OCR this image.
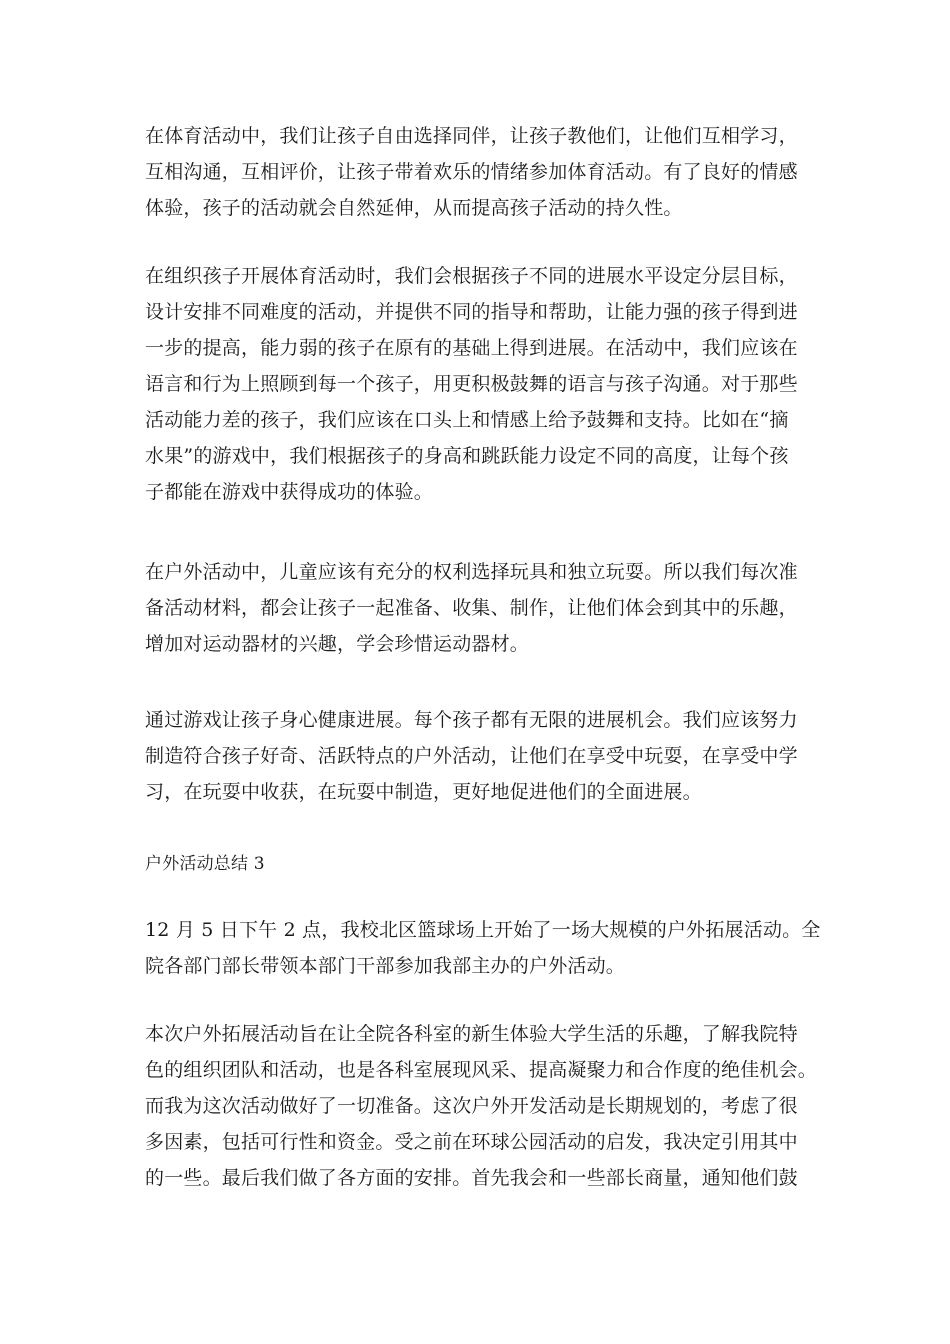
在体育活动中，我们让孩子自由选择同伴，让孩子教他们，让他们互相学习，
互相沟通，互相评价，让孩子带着欢乐的情绪参加体育活动。有了良好的情感
体验，孩子的活动就会自然延伸，从而提高孩子活动的持久性。
在组织孩子开展体育活动时，我们会根据孩子不同的进展水平设定分层目标，
设计安排不同难度的活动，并提供不同的指导和帮助，让能力强的孩子得到进
一步的提高，能力弱的孩子在原有的基础上得到进展。在活动中，我们应该在
语言和行为上照顾到每一个孩子，用更积极鼓舞的语言与孩子沟通。对于那些
活动能力差的孩子，我们应该在口头上和情感上给予鼓舞和支持。比如在“摘
水果”的游戏中，我们根据孩子的身高和跳跃能力设定不同的高度，让每个孩
子都能在游戏中获得成功的体验。
在户外活动中，儿童应该有充分的权利选择玩具和独立玩耍。所以我们每次准
备活动材料，都会让孩子一起准备、收集、制作，让他们体会到其中的乐趣，
增加对运动器材的兴趣，学会珍惜运动器材。
通过游戏让孩子身心健康进展。每个孩子都有无限的进展机会。我们应该努力
制造符合孩子好奇、活跃特点的户外活动，让他们在享受中玩耍，在享受中学
习，在玩耍中收获，在玩耍中制造，更好地促进他们的全面进展。
户外活动总结 3
12 月 5 日下午 2 点，我校北区篮球场上开始了一场大规模的户外拓展活动。全
院各部门部长带领本部门干部参加我部主办的户外活动。
本次户外拓展活动旨在让全院各科室的新生体验大学生活的乐趣，了解我院特
色的组织团队和活动，也是各科室展现风采、提高凝聚力和合作度的绝佳机会。
而我为这次活动做好了一切准备。这次户外开发活动是长期规划的，考虑了很
多因素，包括可行性和资金。受之前在环球公园活动的启发，我决定引用其中
的一些。最后我们做了各方面的安排。首先我会和一些部长商量，通知他们鼓
